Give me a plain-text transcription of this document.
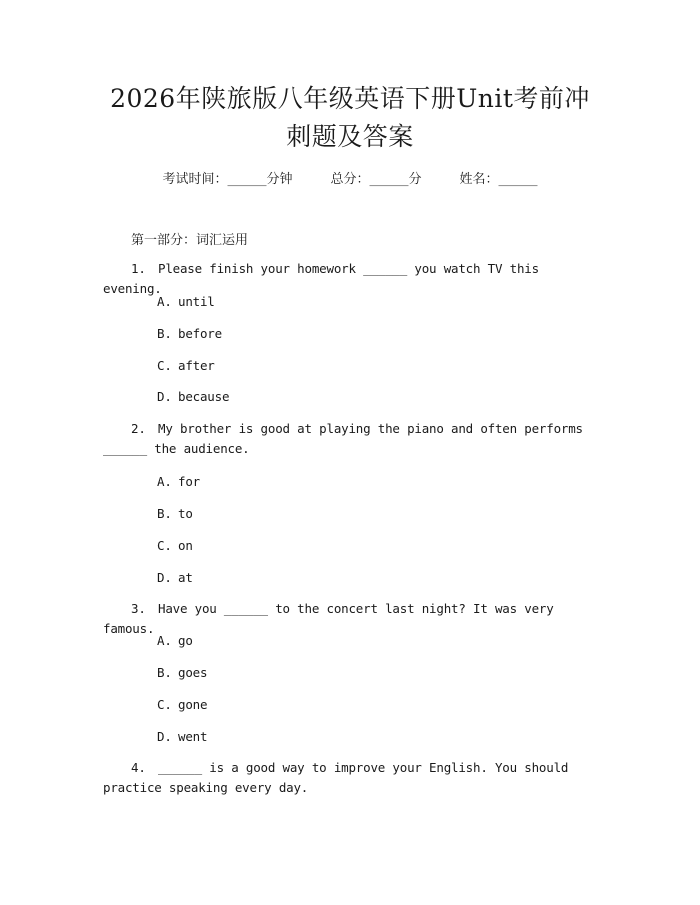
2026年陕旅版八年级英语下册Unit考前冲
刺题及答案
考试时间：______分钟	总分：______分	姓名：______
第一部分：词汇运用
1. Please finish your homework ______ you watch TV this evening.
A. until
B. before
C. after
D. because
2. My brother is good at playing the piano and often performs
______ the audience.
A. for
B. to
C. on
D. at
3. Have you ______ to the concert last night? It was very famous.
A. go
B. goes
C. gone
D. went
4. ______ is a good way to improve your English. You should
practice speaking every day.
